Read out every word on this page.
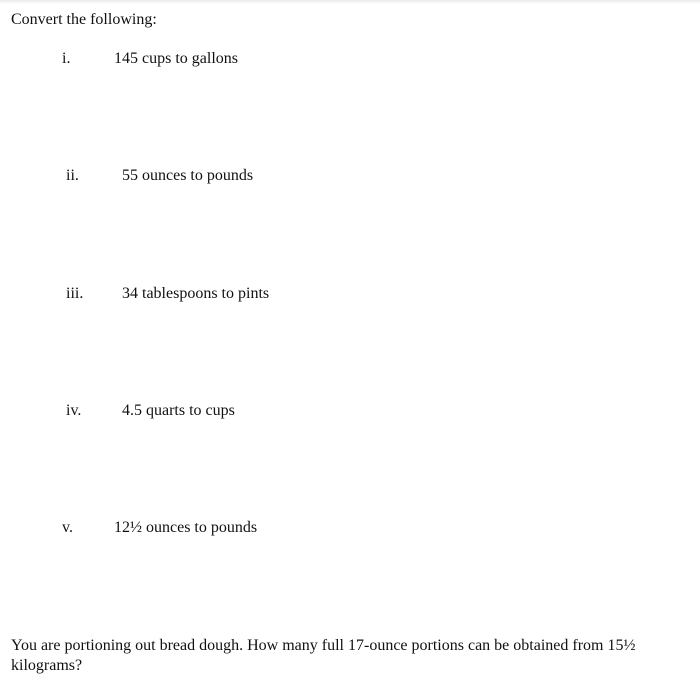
Convert the following:
i.	145 cups to gallons
ii.	55 ounces to pounds
iii. 34 tablespoons to pints
iv.	4.5 quarts to cups
v.	12½ ounces to pounds
You are portioning out bread dough. How many full 17-ounce portions can be obtained from 15½ kilograms?
